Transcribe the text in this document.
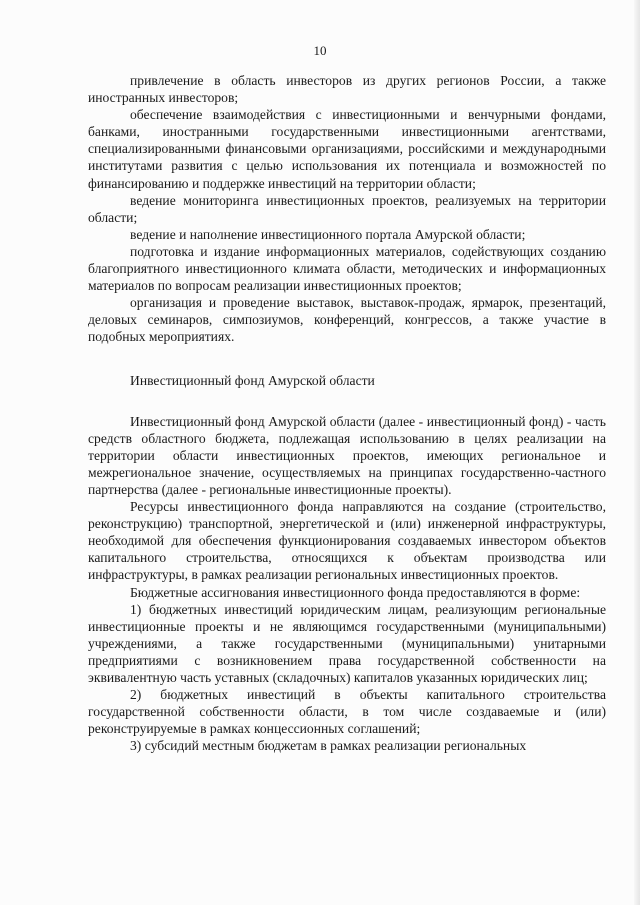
10

привлечение в область инвесторов из других регионов России, а также иностранных инвесторов;

обеспечение взаимодействия с инвестиционными и венчурными фондами, банками, иностранными государственными инвестиционными агентствами, специализированными финансовыми организациями, российскими и международными институтами развития с целью использования их потенциала и возможностей по финансированию и поддержке инвестиций на территории области;

ведение мониторинга инвестиционных проектов, реализуемых на территории области;

ведение и наполнение инвестиционного портала Амурской области;

подготовка и издание информационных материалов, содействующих созданию благоприятного инвестиционного климата области, методических и информационных материалов по вопросам реализации инвестиционных проектов;

организация и проведение выставок, выставок-продаж, ярмарок, презентаций, деловых семинаров, симпозиумов, конференций, конгрессов, а также участие в подобных мероприятиях.

Инвестиционный фонд Амурской области

Инвестиционный фонд Амурской области (далее - инвестиционный фонд) - часть средств областного бюджета, подлежащая использованию в целях реализации на территории области инвестиционных проектов, имеющих региональное и межрегиональное значение, осуществляемых на принципах государственно-частного партнерства (далее - региональные инвестиционные проекты).

Ресурсы инвестиционного фонда направляются на создание (строительство, реконструкцию) транспортной, энергетической и (или) инженерной инфраструктуры, необходимой для обеспечения функционирования создаваемых инвестором объектов капитального строительства, относящихся к объектам производства или инфраструктуры, в рамках реализации региональных инвестиционных проектов.

Бюджетные ассигнования инвестиционного фонда предоставляются в форме:

1) бюджетных инвестиций юридическим лицам, реализующим региональные инвестиционные проекты и не являющимся государственными (муниципальными) учреждениями, а также государственными (муниципальными) унитарными предприятиями с возникновением права государственной собственности на эквивалентную часть уставных (складочных) капиталов указанных юридических лиц;

2) бюджетных инвестиций в объекты капитального строительства государственной собственности области, в том числе создаваемые и (или) реконструируемые в рамках концессионных соглашений;

3) субсидий местным бюджетам в рамках реализации региональных
